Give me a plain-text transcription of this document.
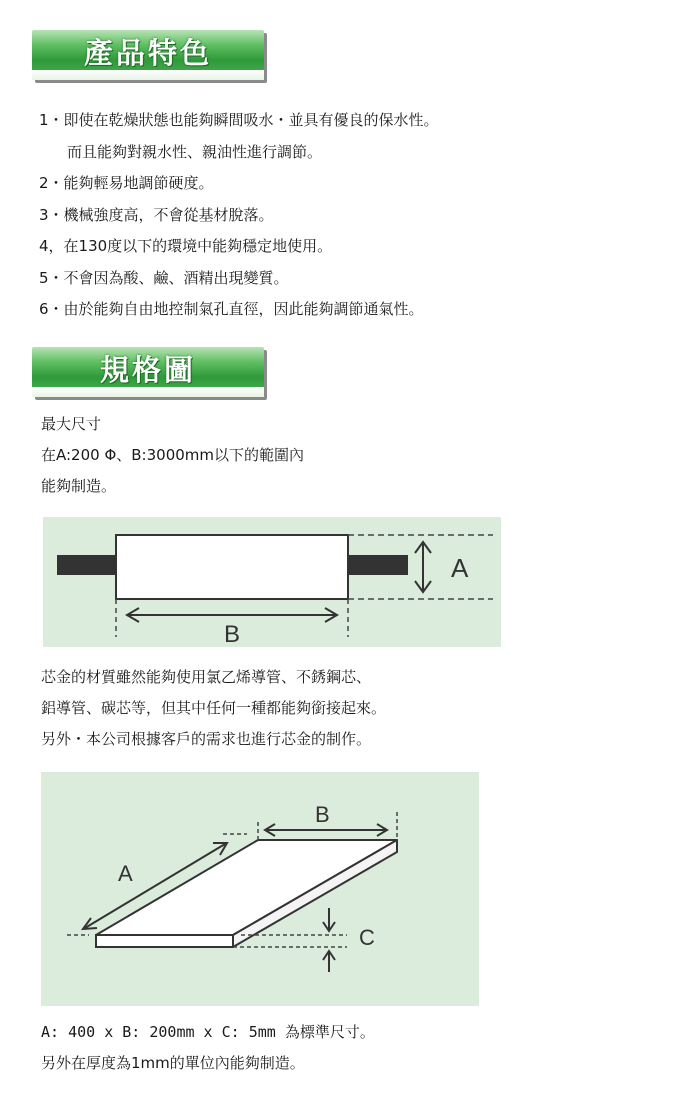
產品特色
1・即使在乾燥狀態也能夠瞬間吸水・並具有優良的保水性。
而且能夠對親水性、親油性進行調節。
2・能夠輕易地調節硬度。
3・機械強度高，不會從基材脫落。
4，在130度以下的環境中能夠穩定地使用。
5・不會因為酸、鹼、酒精出現變質。
6・由於能夠自由地控制氣孔直徑，因此能夠調節通氣性。
規格圖
最大尺寸
在A:200 Φ、B:3000mm以下的範圍內
能夠制造。
A
B
芯金的材質雖然能夠使用氯乙烯導管、不銹鋼芯、
鋁導管、碳芯等，但其中任何一種都能夠銜接起來。
另外・本公司根據客戶的需求也進行芯金的制作。
B
A
C
A: 400 x B: 200mm x C: 5mm 為標準尺寸。
另外在厚度為1mm的單位內能夠制造。
